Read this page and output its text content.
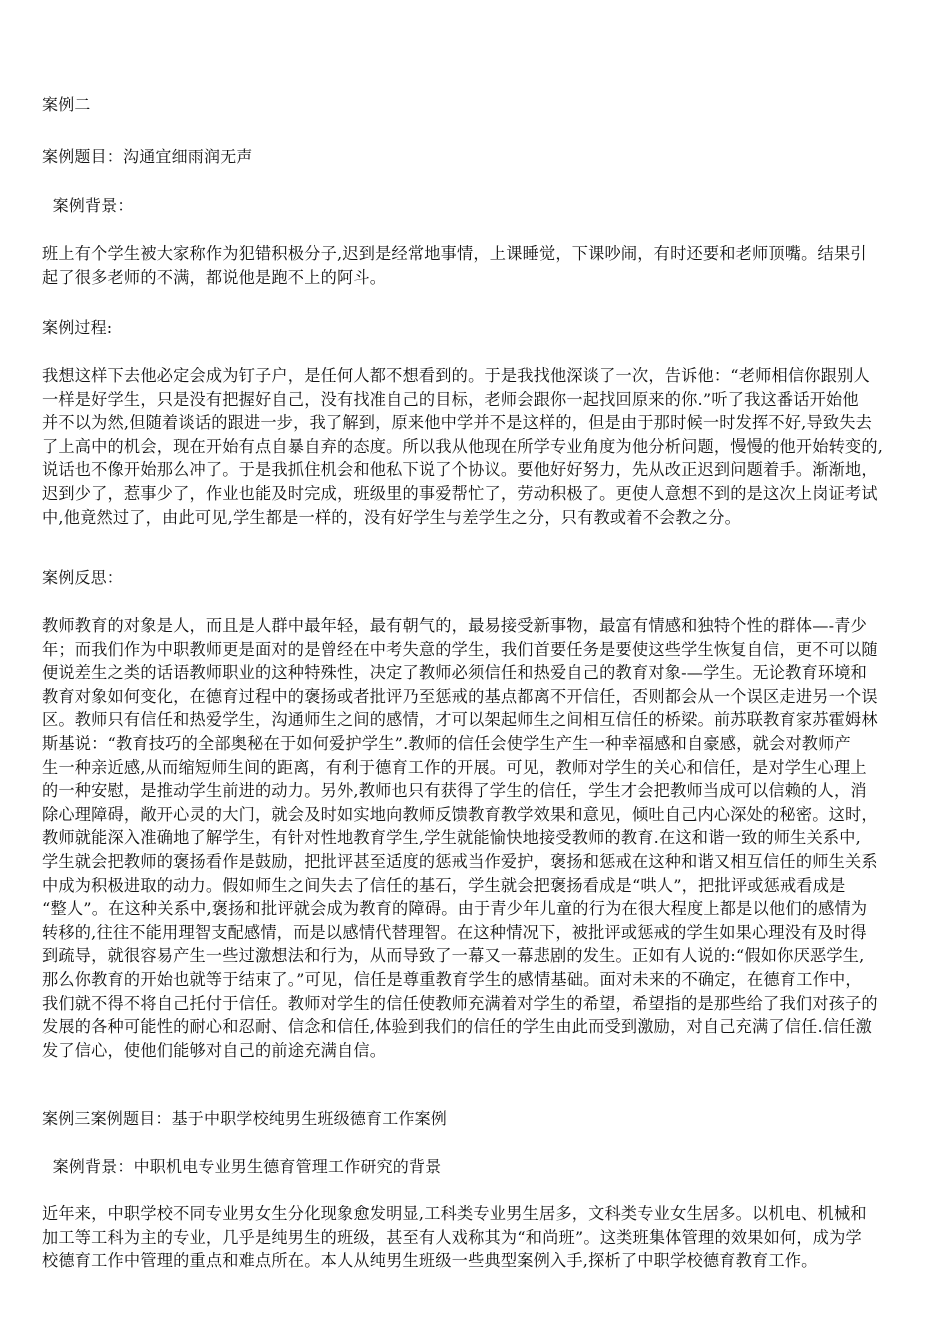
案例二
案例题目：沟通宜细雨润无声
案例背景：
班上有个学生被大家称作为犯错积极分子,迟到是经常地事情，上课睡觉，下课吵闹，有时还要和老师顶嘴。结果引
起了很多老师的不满，都说他是跑不上的阿斗。
案例过程:
我想这样下去他必定会成为钉子户，是任何人都不想看到的。于是我找他深谈了一次，告诉他：“老师相信你跟别人
一样是好学生，只是没有把握好自己，没有找准自己的目标，老师会跟你一起找回原来的你.”听了我这番话开始他
并不以为然,但随着谈话的跟进一步，我了解到，原来他中学并不是这样的，但是由于那时候一时发挥不好,导致失去
了上高中的机会，现在开始有点自暴自弃的态度。所以我从他现在所学专业角度为他分析问题，慢慢的他开始转变的,
说话也不像开始那么冲了。于是我抓住机会和他私下说了个协议。要他好好努力，先从改正迟到问题着手。渐渐地，
迟到少了，惹事少了，作业也能及时完成，班级里的事爱帮忙了，劳动积极了。更使人意想不到的是这次上岗证考试
中,他竟然过了，由此可见,学生都是一样的，没有好学生与差学生之分，只有教或着不会教之分。
案例反思：
教师教育的对象是人，而且是人群中最年轻，最有朝气的，最易接受新事物，最富有情感和独特个性的群体—-青少
年；而我们作为中职教师更是面对的是曾经在中考失意的学生，我们首要任务是要使这些学生恢复自信，更不可以随
便说差生之类的话语教师职业的这种特殊性，决定了教师必须信任和热爱自己的教育对象-—学生。无论教育环境和
教育对象如何变化，在德育过程中的褒扬或者批评乃至惩戒的基点都离不开信任，否则都会从一个误区走进另一个误
区。教师只有信任和热爱学生，沟通师生之间的感情，才可以架起师生之间相互信任的桥梁。前苏联教育家苏霍姆林
斯基说：“教育技巧的全部奥秘在于如何爱护学生”.教师的信任会使学生产生一种幸福感和自豪感，就会对教师产
生一种亲近感,从而缩短师生间的距离，有利于德育工作的开展。可见，教师对学生的关心和信任，是对学生心理上
的一种安慰，是推动学生前进的动力。另外,教师也只有获得了学生的信任，学生才会把教师当成可以信赖的人，消
除心理障碍，敞开心灵的大门，就会及时如实地向教师反馈教育教学效果和意见，倾吐自己内心深处的秘密。这时，
教师就能深入准确地了解学生，有针对性地教育学生,学生就能愉快地接受教师的教育.在这和谐一致的师生关系中,
学生就会把教师的褒扬看作是鼓励，把批评甚至适度的惩戒当作爱护，褒扬和惩戒在这种和谐又相互信任的师生关系
中成为积极进取的动力。假如师生之间失去了信任的基石，学生就会把褒扬看成是“哄人”，把批评或惩戒看成是
“整人”。在这种关系中,褒扬和批评就会成为教育的障碍。由于青少年儿童的行为在很大程度上都是以他们的感情为
转移的,往往不能用理智支配感情，而是以感情代替理智。在这种情况下，被批评或惩戒的学生如果心理没有及时得
到疏导，就很容易产生一些过激想法和行为，从而导致了一幕又一幕悲剧的发生。正如有人说的:“假如你厌恶学生,
那么你教育的开始也就等于结束了。”可见，信任是尊重教育学生的感情基础。面对未来的不确定，在德育工作中，
我们就不得不将自己托付于信任。教师对学生的信任使教师充满着对学生的希望，希望指的是那些给了我们对孩子的
发展的各种可能性的耐心和忍耐、信念和信任,体验到我们的信任的学生由此而受到激励，对自己充满了信任.信任激
发了信心，使他们能够对自己的前途充满自信。
案例三案例题目：基于中职学校纯男生班级德育工作案例
案例背景：中职机电专业男生德育管理工作研究的背景
近年来，中职学校不同专业男女生分化现象愈发明显,工科类专业男生居多，文科类专业女生居多。以机电、机械和
加工等工科为主的专业，几乎是纯男生的班级，甚至有人戏称其为“和尚班”。这类班集体管理的效果如何，成为学
校德育工作中管理的重点和难点所在。本人从纯男生班级一些典型案例入手,探析了中职学校德育教育工作。
